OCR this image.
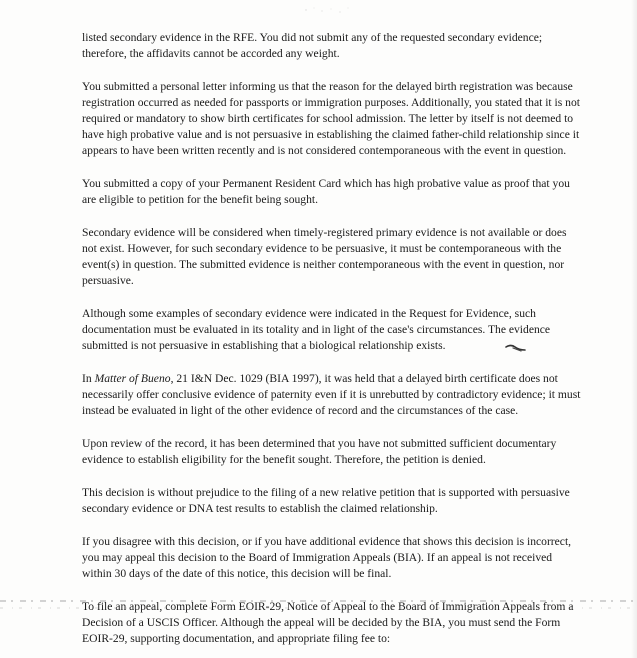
listed secondary evidence in the RFE. You did not submit any of the requested secondary evidence; therefore, the affidavits cannot be accorded any weight.

You submitted a personal letter informing us that the reason for the delayed birth registration was because registration occurred as needed for passports or immigration purposes. Additionally, you stated that it is not required or mandatory to show birth certificates for school admission. The letter by itself is not deemed to have high probative value and is not persuasive in establishing the claimed father-child relationship since it appears to have been written recently and is not considered contemporaneous with the event in question.

You submitted a copy of your Permanent Resident Card which has high probative value as proof that you are eligible to petition for the benefit being sought.

Secondary evidence will be considered when timely-registered primary evidence is not available or does not exist. However, for such secondary evidence to be persuasive, it must be contemporaneous with the event(s) in question. The submitted evidence is neither contemporaneous with the event in question, nor persuasive.

Although some examples of secondary evidence were indicated in the Request for Evidence, such documentation must be evaluated in its totality and in light of the case's circumstances. The evidence submitted is not persuasive in establishing that a biological relationship exists.

In Matter of Bueno, 21 I&N Dec. 1029 (BIA 1997), it was held that a delayed birth certificate does not necessarily offer conclusive evidence of paternity even if it is unrebutted by contradictory evidence; it must instead be evaluated in light of the other evidence of record and the circumstances of the case.

Upon review of the record, it has been determined that you have not submitted sufficient documentary evidence to establish eligibility for the benefit sought. Therefore, the petition is denied.

This decision is without prejudice to the filing of a new relative petition that is supported with persuasive secondary evidence or DNA test results to establish the claimed relationship.

If you disagree with this decision, or if you have additional evidence that shows this decision is incorrect, you may appeal this decision to the Board of Immigration Appeals (BIA). If an appeal is not received within 30 days of the date of this notice, this decision will be final.

To file an appeal, complete Form EOIR-29, Notice of Appeal to the Board of Immigration Appeals from a Decision of a USCIS Officer. Although the appeal will be decided by the BIA, you must send the Form EOIR-29, supporting documentation, and appropriate filing fee to:
